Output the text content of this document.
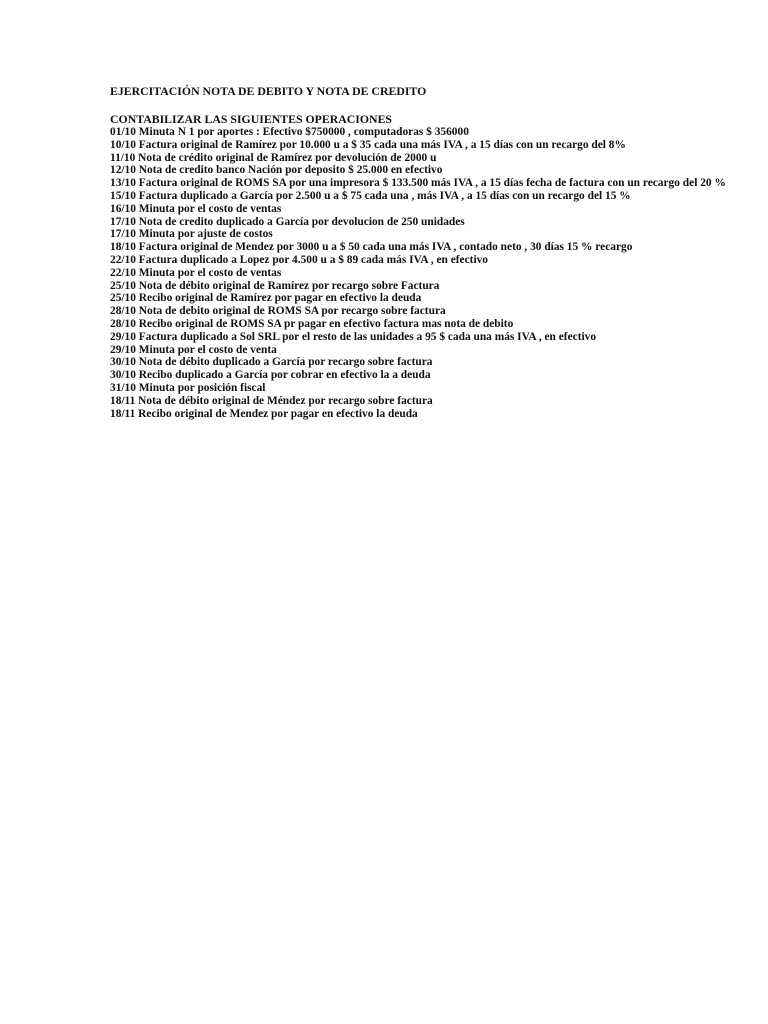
EJERCITACIÓN NOTA DE DEBITO Y NOTA DE CREDITO
CONTABILIZAR LAS SIGUIENTES OPERACIONES
01/10 Minuta N 1 por aportes : Efectivo $750000 , computadoras $ 356000
10/10 Factura original de Ramírez por 10.000 u a $ 35 cada una más IVA , a 15 días con un recargo del 8%
11/10 Nota de crédito original de Ramírez por devolución de 2000 u
12/10 Nota de credito banco Nación por deposito $ 25.000 en efectivo
13/10 Factura original de ROMS SA por una impresora $ 133.500 más IVA , a 15 días fecha de factura con un recargo del 20 %
15/10 Factura duplicado a García por 2.500 u a $ 75 cada una , más IVA , a 15 días con un recargo del 15 %
16/10 Minuta por el costo de ventas
17/10 Nota de credito duplicado a García por devolucion de 250 unidades
17/10 Minuta por ajuste de costos
18/10 Factura original de Mendez por 3000 u a $ 50 cada una más IVA , contado neto , 30 días 15 % recargo
22/10 Factura duplicado a Lopez por 4.500 u a $ 89 cada más IVA , en efectivo
22/10 Minuta por el costo de ventas
25/10 Nota de débito original de Ramírez por recargo sobre Factura
25/10 Recibo original de Ramírez por pagar en efectivo la deuda
28/10 Nota de debito original de ROMS SA por recargo sobre factura
28/10 Recibo original de ROMS SA pr pagar en efectivo factura mas nota de debito
29/10 Factura duplicado a Sol SRL por el resto de las unidades a 95 $ cada una más IVA , en efectivo
29/10 Minuta por el costo de venta
30/10 Nota de débito duplicado a García por recargo sobre factura
30/10 Recibo duplicado a García por cobrar en efectivo la a deuda
31/10 Minuta por posición fiscal
18/11 Nota de débito original de Méndez por recargo sobre factura
18/11 Recibo original de Mendez por pagar en efectivo la deuda
